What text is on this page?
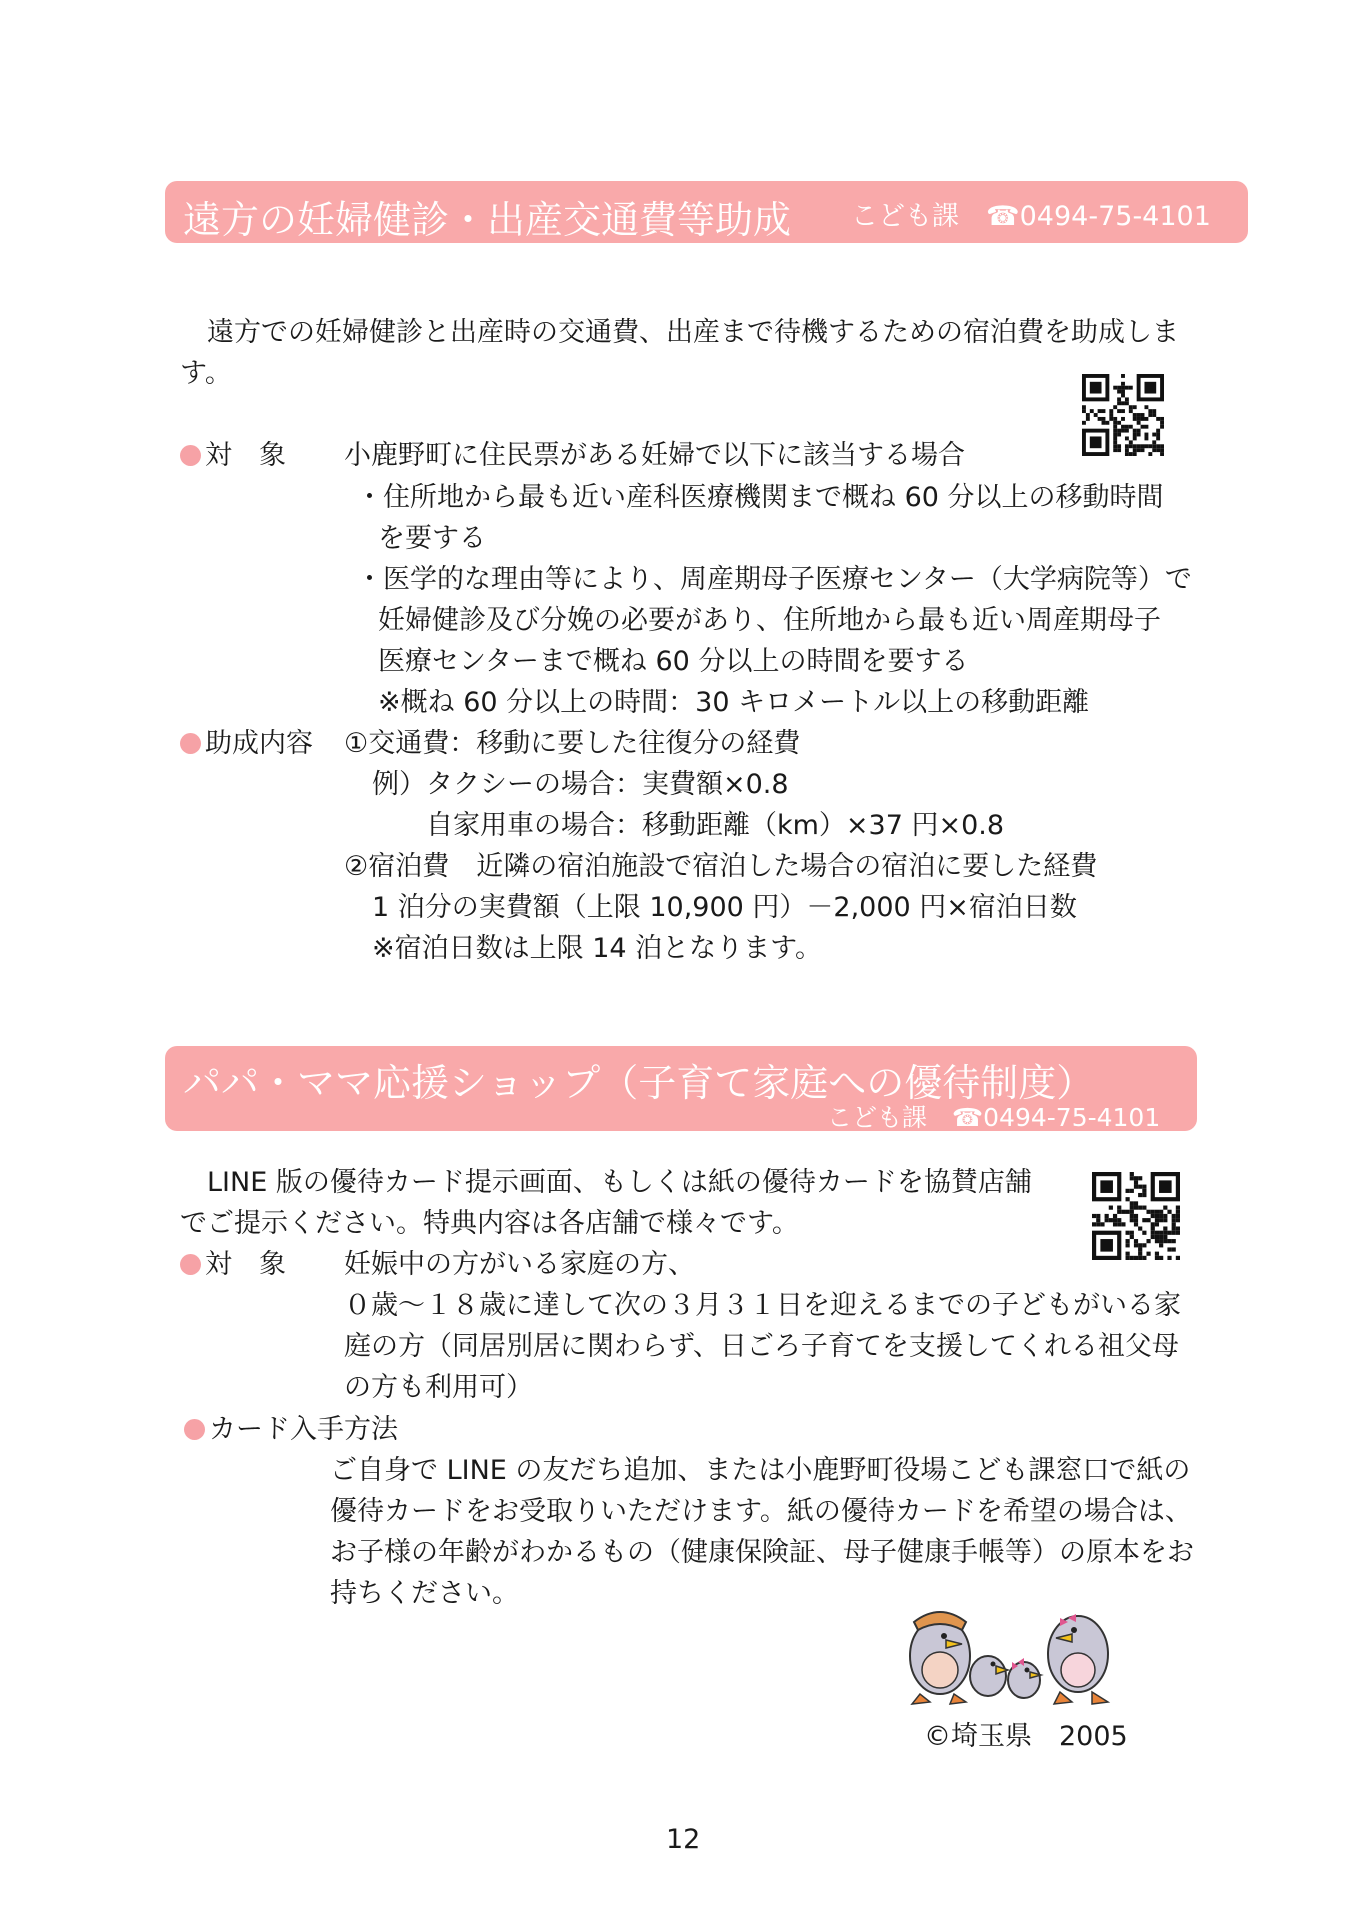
遠方の妊婦健診・出産交通費等助成 こども課　☎0494-75-4101
　遠方での妊婦健診と出産時の交通費、出産まで待機するための宿泊費を助成しま
す。
対　象 小鹿野町に住民票がある妊婦で以下に該当する場合
・住所地から最も近い産科医療機関まで概ね 60 分以上の移動時間
を要する
・医学的な理由等により、周産期母子医療センター（大学病院等）で
妊婦健診及び分娩の必要があり、住所地から最も近い周産期母子
医療センターまで概ね 60 分以上の時間を要する
※概ね 60 分以上の時間：30 キロメートル以上の移動距離
助成内容 ①交通費：移動に要した往復分の経費
例）タクシーの場合：実費額×0.8
自家用車の場合：移動距離（km）×37 円×0.8
②宿泊費　近隣の宿泊施設で宿泊した場合の宿泊に要した経費
1 泊分の実費額（上限 10,900 円）－2,000 円×宿泊日数
※宿泊日数は上限 14 泊となります。
パパ・ママ応援ショップ（子育て家庭への優待制度）
こども課　☎0494-75-4101
　LINE 版の優待カード提示画面、もしくは紙の優待カードを協賛店舗
でご提示ください。特典内容は各店舗で様々です。
対　象 妊娠中の方がいる家庭の方、
０歳～１８歳に達して次の３月３１日を迎えるまでの子どもがいる家
庭の方（同居別居に関わらず、日ごろ子育てを支援してくれる祖父母
の方も利用可）
カード入手方法
ご自身で LINE の友だち追加、または小鹿野町役場こども課窓口で紙の
優待カードをお受取りいただけます。紙の優待カードを希望の場合は、
お子様の年齢がわかるもの（健康保険証、母子健康手帳等）の原本をお
持ちください。
©埼玉県　2005
12
